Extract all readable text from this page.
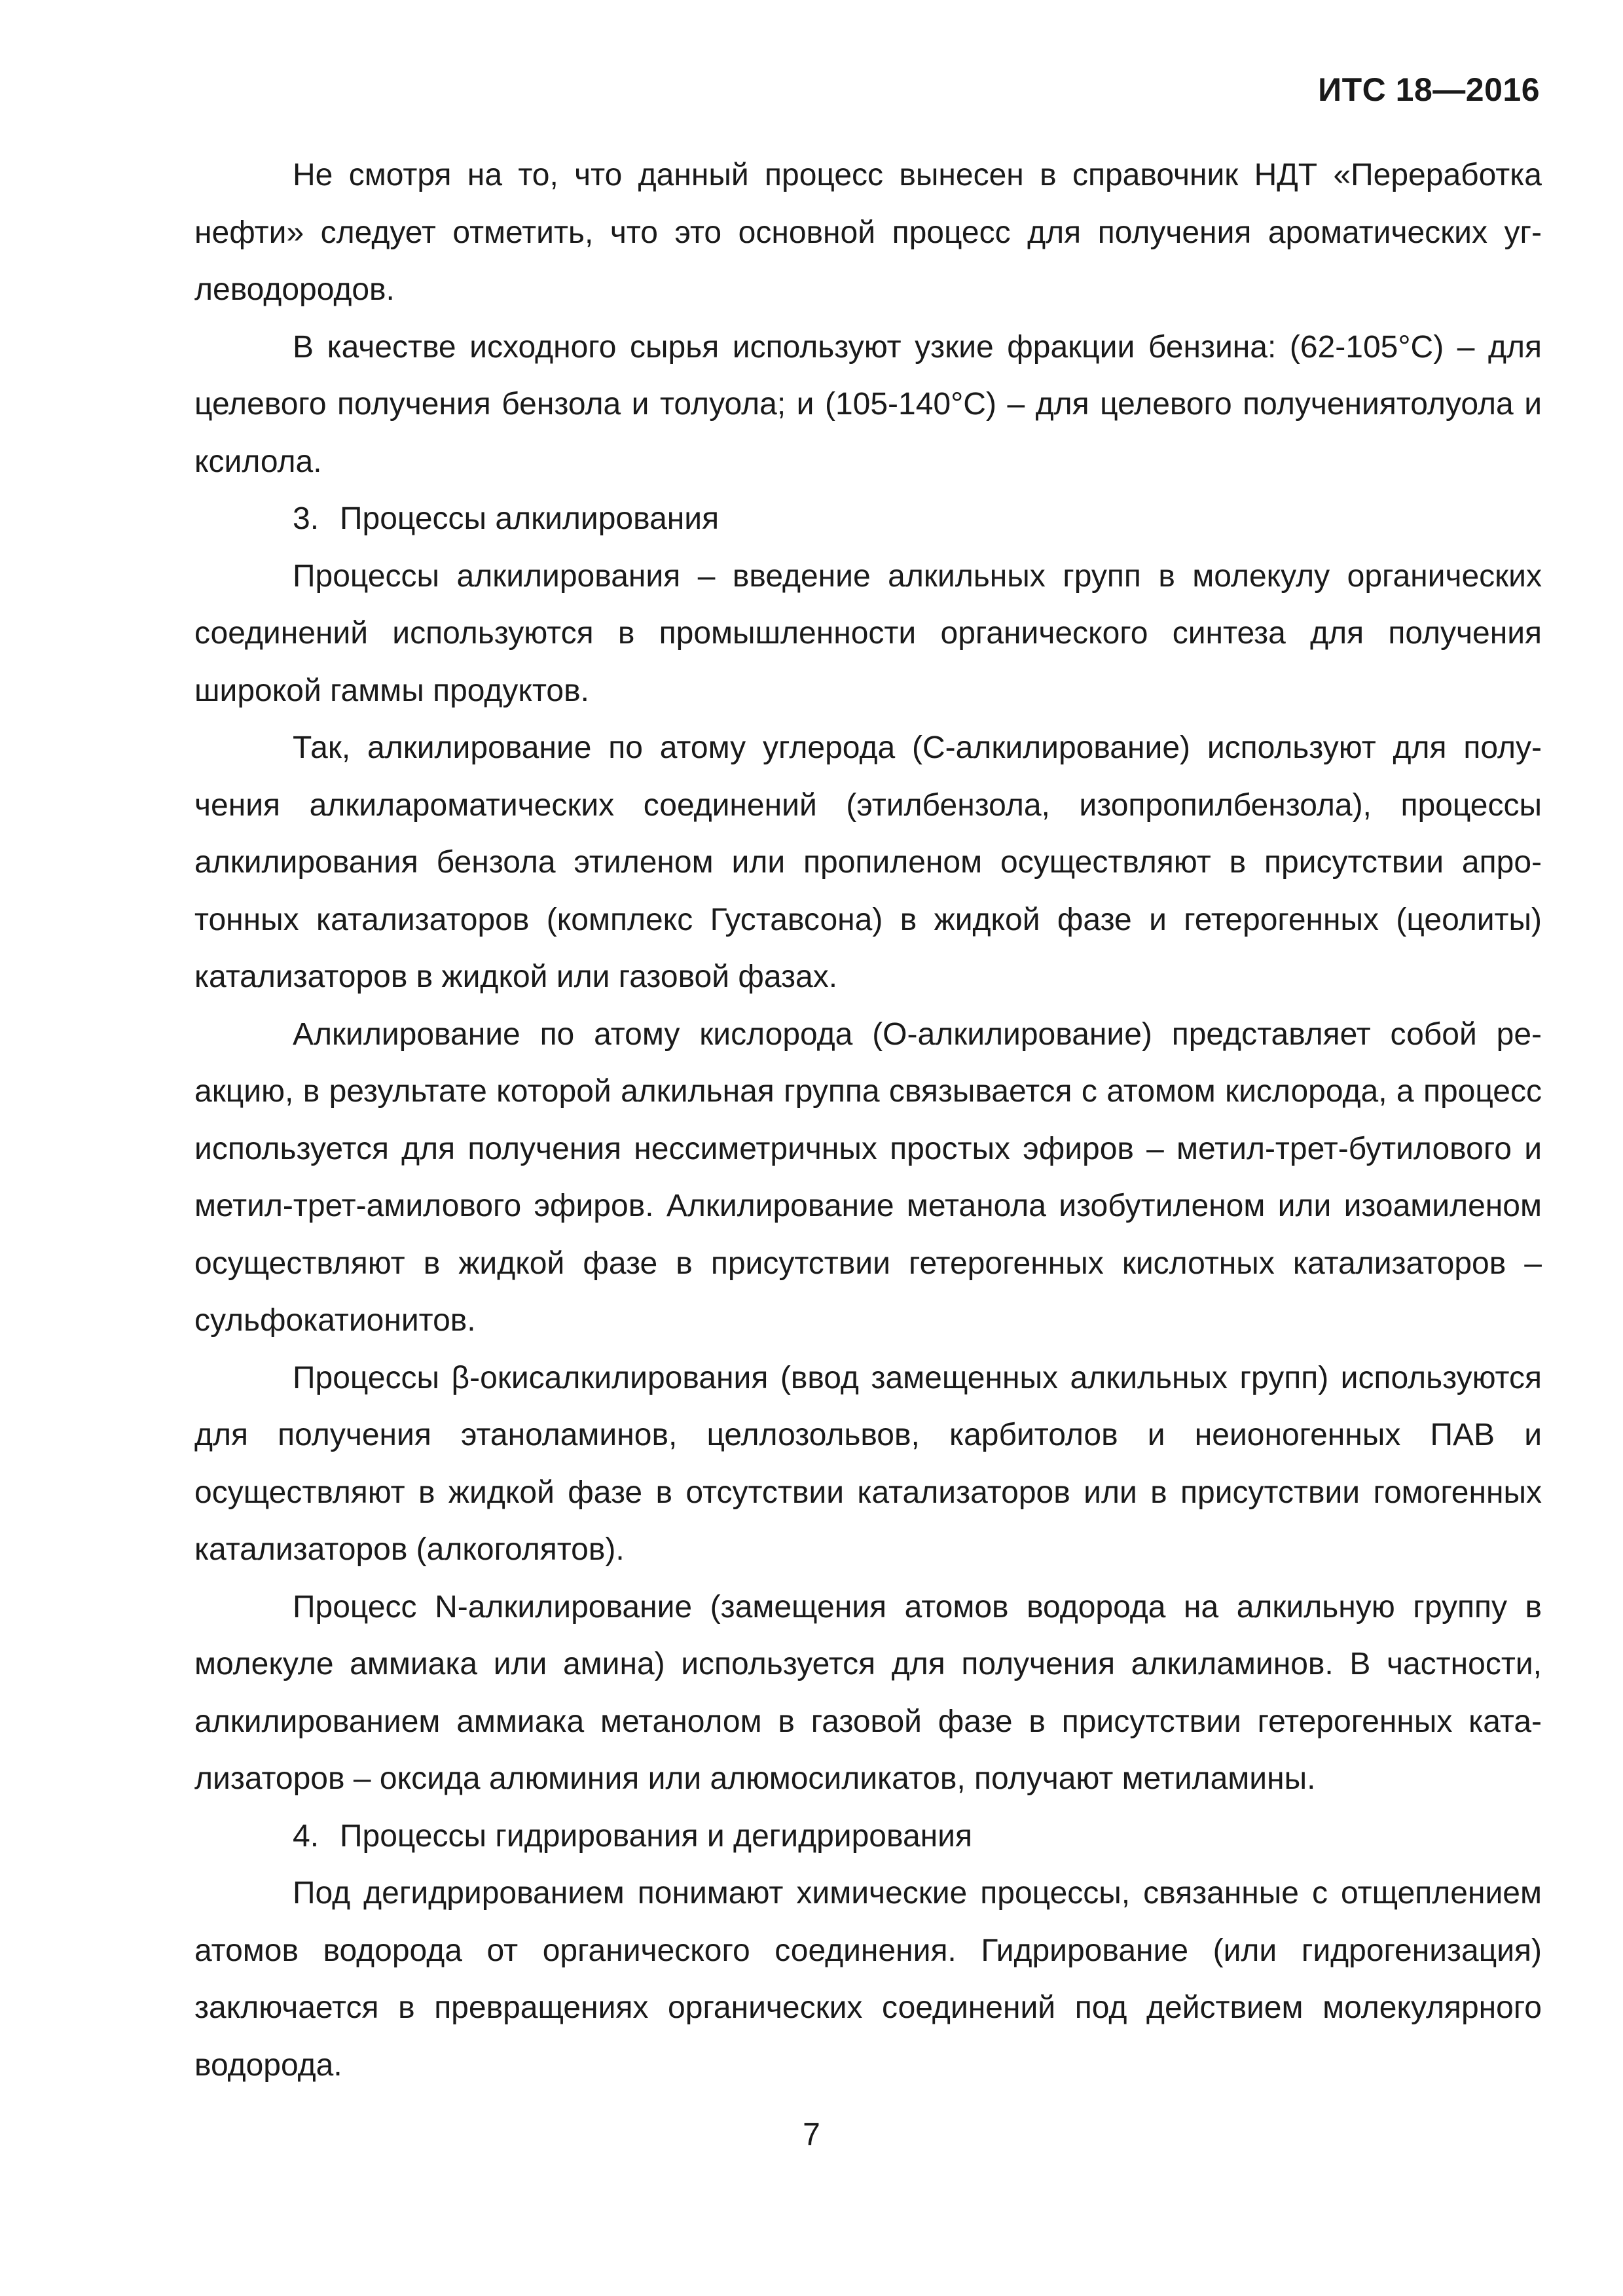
ИТС 18—2016

Не смотря на то, что данный процесс вынесен в справочник НДТ «Переработка нефти» следует отметить, что это основной процесс для получения ароматических углеводородов.

В качестве исходного сырья используют узкие фракции бензина: (62-105°С) – для целевого получения бензола и толуола; и (105-140°С) – для целевого получениятолуола и ксилола.

3. Процессы алкилирования

Процессы алкилирования – введение алкильных групп в молекулу органических соединений используются в промышленности органического синтеза для получения широкой гаммы продуктов.

Так, алкилирование по атому углерода (С-алкилирование) используют для получения алкилароматических соединений (этилбензола, изопропилбензола), процессы алкилирования бензола этиленом или пропиленом осуществляют в присутствии апротонных катализаторов (комплекс Густавсона) в жидкой фазе и гетерогенных (цеолиты) катализаторов в жидкой или газовой фазах.

Алкилирование по атому кислорода (О-алкилирование) представляет собой реакцию, в результате которой алкильная группа связывается с атомом кислорода, а процесс используется для получения нессиметричных простых эфиров – метил-трет-бутилового и метил-трет-амилового эфиров. Алкилирование метанола изобутиленом или изоамиленом осуществляют в жидкой фазе в присутствии гетерогенных кислотных катализаторов – сульфокатионитов.

Процессы β-окисалкилирования (ввод замещенных алкильных групп) используются для получения этаноламинов, целлозольвов, карбитолов и неионогенных ПАВ и осуществляют в жидкой фазе в отсутствии катализаторов или в присутствии гомогенных катализаторов (алкоголятов).

Процесс N-алкилирование (замещения атомов водорода на алкильную группу в молекуле аммиака или амина) используется для получения алкиламинов. В частности, алкилированием аммиака метанолом в газовой фазе в присутствии гетерогенных катализаторов – оксида алюминия или алюмосиликатов, получают метиламины.

4. Процессы гидрирования и дегидрирования

Под дегидрированием понимают химические процессы, связанные с отщеплением атомов водорода от органического соединения. Гидрирование (или гидрогенизация) заключается в превращениях органических соединений под действием молекулярного водорода.

7
